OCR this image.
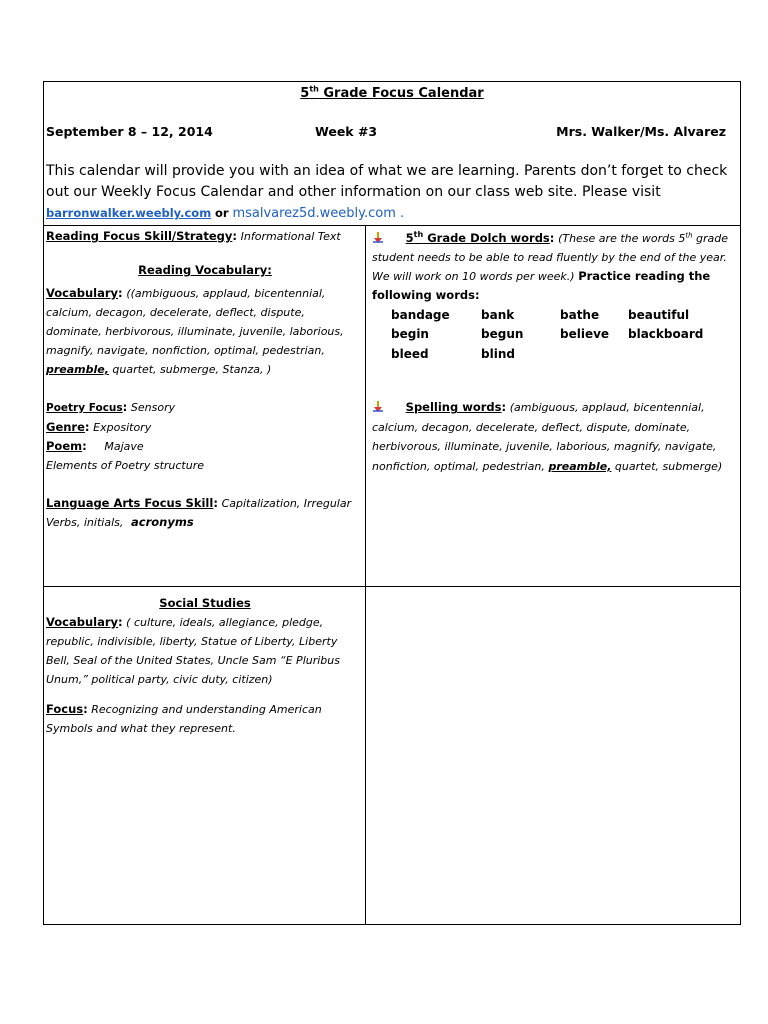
5th Grade Focus Calendar
September 8 – 12, 2014	Week #3	Mrs. Walker/Ms. Alvarez
This calendar will provide you with an idea of what we are learning. Parents don’t forget to check out our Weekly Focus Calendar and other information on our class web site. Please visit
barronwalker.weebly.com or msalvarez5d.weebly.com .
Reading Focus Skill/Strategy: Informational Text
Reading Vocabulary:
Vocabulary: ((ambiguous, applaud, bicentennial, calcium, decagon, decelerate, deflect, dispute, dominate, herbivorous, illuminate, juvenile, laborious, magnify, navigate, nonfiction, optimal, pedestrian, preamble, quartet, submerge, Stanza, )
Poetry Focus: Sensory
Genre: Expository
Poem: Majave
Elements of Poetry structure
Language Arts Focus Skill: Capitalization, Irregular Verbs, initials, acronyms
5th Grade Dolch words: (These are the words 5th grade student needs to be able to read fluently by the end of the year. We will work on 10 words per week.) Practice reading the following words:
bandage	bank	bathe	beautiful
begin	begun	believe	blackboard
bleed	blind
Spelling words: (ambiguous, applaud, bicentennial, calcium, decagon, decelerate, deflect, dispute, dominate, herbivorous, illuminate, juvenile, laborious, magnify, navigate, nonfiction, optimal, pedestrian, preamble, quartet, submerge)
Social Studies
Vocabulary: ( culture, ideals, allegiance, pledge, republic, indivisible, liberty, Statue of Liberty, Liberty Bell, Seal of the United States, Uncle Sam “E Pluribus Unum,” political party, civic duty, citizen)
Focus: Recognizing and understanding American Symbols and what they represent.
